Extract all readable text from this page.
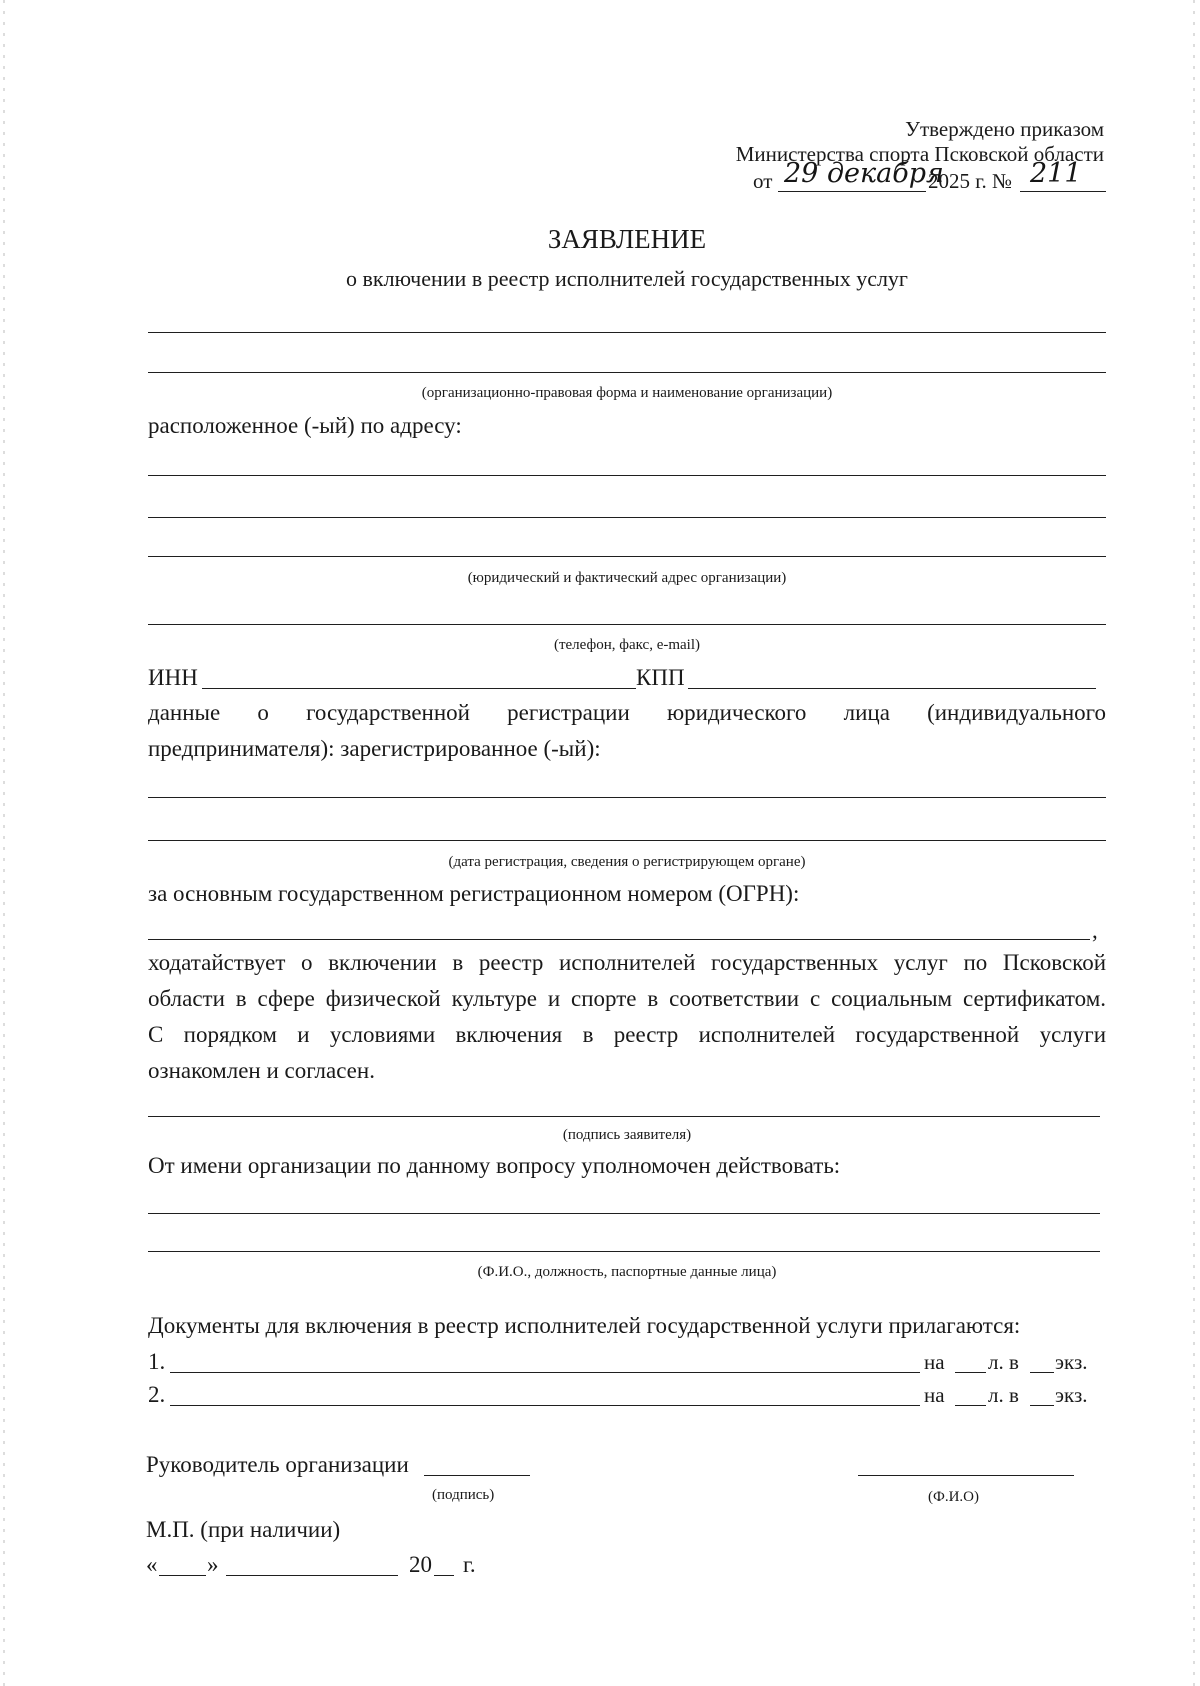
Утверждено приказом
Министерства спорта Псковской области
от 29 декабря
2025 г. № 211
ЗАЯВЛЕНИЕ
о включении в реестр исполнителей государственных услуг
(организационно-правовая форма и наименование организации)
расположенное (-ый) по адресу:
(юридический и фактический адрес организации)
(телефон, факс, e-mail)
ИНН	КПП
данные о государственной регистрации юридического лица (индивидуального
предпринимателя): зарегистрированное (-ый):
(дата регистрация, сведения о регистрирующем органе)
за основным государственном регистрационном номером (ОГРН):
,
ходатайствует о включении в реестр исполнителей государственных услуг по Псковской
области в сфере физической культуре и спорте в соответствии с социальным сертификатом.
С порядком и условиями включения в реестр исполнителей государственной услуги
ознакомлен и согласен.
(подпись заявителя)
От имени организации по данному вопросу уполномочен действовать:
(Ф.И.О., должность, паспортные данные лица)
Документы для включения в реестр исполнителей государственной услуги прилагаются:
1.	на л. в экз.
2.	на л. в экз.
Руководитель организации
(подпись)	(Ф.И.О)
М.П. (при наличии)
« »	20 г.
